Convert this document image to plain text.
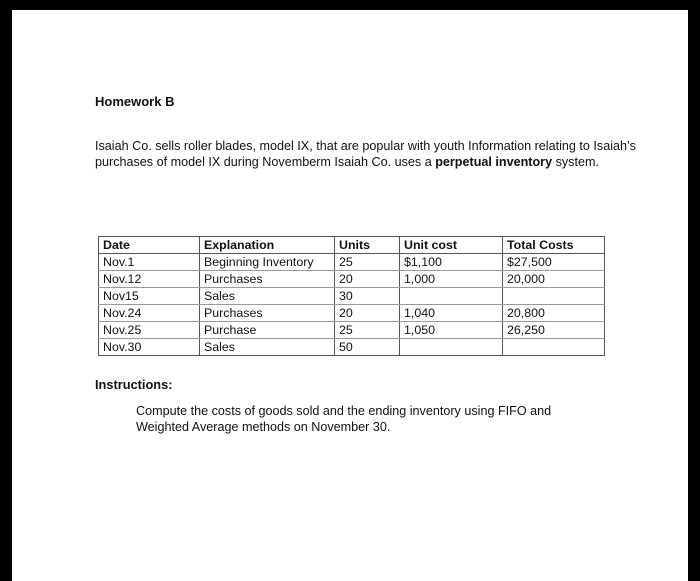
Homework B
Isaiah Co. sells roller blades, model IX, that are popular with youth Information relating to Isaiah’s purchases of model IX during Novemberm Isaiah Co. uses a perpetual inventory system.
Date	Explanation	Units	Unit cost	Total Costs
Nov.1	Beginning Inventory	25	$1,100	$27,500
Nov.12	Purchases	20	1,000	20,000
Nov15	Sales	30		
Nov.24	Purchases	20	1,040	20,800
Nov.25	Purchase	25	1,050	26,250
Nov.30	Sales	50		
Instructions:
Compute the costs of goods sold and the ending inventory using FIFO and Weighted Average methods on November 30.
